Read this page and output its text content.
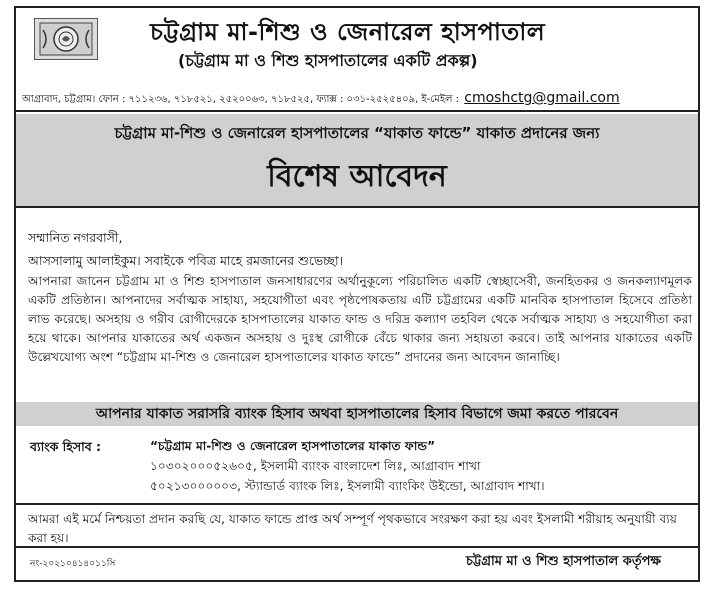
চট্টগ্রাম মা-শিশু ও জেনারেল হাসপাতাল
(চট্টগ্রাম মা ও শিশু হাসপাতালের একটি প্রকল্প)
আগ্রাবাদ, চট্টগ্রাম। ফোন : ৭১১২৩৬, ৭১৮৫২১, ২৫২০০৬৩, ৭১৮৫২৫, ফ্যাক্স : ০৩১-২৫২৫৪০৯, ই-মেইল : cmoshctg@gmail.com
চট্টগ্রাম মা-শিশু ও জেনারেল হাসপাতালের “যাকাত ফান্ডে” যাকাত প্রদানের জন্য
বিশেষ আবেদন
সম্মানিত নগরবাসী,
আসসালামু আলাইকুম। সবাইকে পবিত্র মাহে রমজানের শুভেচ্ছা।
আপনারা জানেন চট্টগ্রাম মা ও শিশু হাসপাতাল জনসাধারণের অর্থানুকূল্যে পরিচালিত একটি স্বেচ্ছাসেবী, জনহিতকর ও জনকল্যাণমূলক একটি প্রতিষ্ঠান। আপনাদের সর্বাত্মক সাহায্য, সহযোগীতা এবং পৃষ্ঠপোষকতায় এটি চট্টগ্রামের একটি মানবিক হাসপাতাল হিসেবে প্রতিষ্ঠা লাভ করেছে। অসহায় ও গরীব রোগীদেরকে হাসপাতালের যাকাত ফান্ড ও দরিদ্র কল্যাণ তহবিল থেকে সর্বাত্মক সাহায্য ও সহযোগীতা করা হয়ে থাকে। আপনার যাকাতের অর্থ একজন অসহায় ও দুঃস্থ রোগীকে বেঁচে থাকার জন্য সহায়তা করবে। তাই আপনার যাকাতের একটি উল্লেখযোগ্য অংশ “চট্টগ্রাম মা-শিশু ও জেনারেল হাসপাতালের যাকাত ফান্ডে” প্রদানের জন্য আবেদন জানাচ্ছি।
আপনার যাকাত সরাসরি ব্যাংক হিসাব অথবা হাসপাতালের হিসাব বিভাগে জমা করতে পারবেন
ব্যাংক হিসাব :	“চট্টগ্রাম মা-শিশু ও জেনারেল হাসপাতালের যাকাত ফান্ড”
১০৩০২০০০৫২৬০৫, ইসলামী ব্যাংক বাংলাদেশ লিঃ, আগ্রাবাদ শাখা
৫০২১৩০০০০০৩, স্ট্যান্ডার্ড ব্যাংক লিঃ, ইসলামী ব্যাংকিং উইন্ডো, আগ্রাবাদ শাখা।
আমরা এই মর্মে নিশ্চয়তা প্রদান করছি যে, যাকাত ফান্ডে প্রাপ্ত অর্থ সম্পূর্ণ পৃথকভাবে সংরক্ষণ করা হয় এবং ইসলামী শরীয়াহ অনুযায়ী ব্যয় করা হয়।
নং-২০২১০৪১৪০১১সি	চট্টগ্রাম মা ও শিশু হাসপাতাল কর্তৃপক্ষ
